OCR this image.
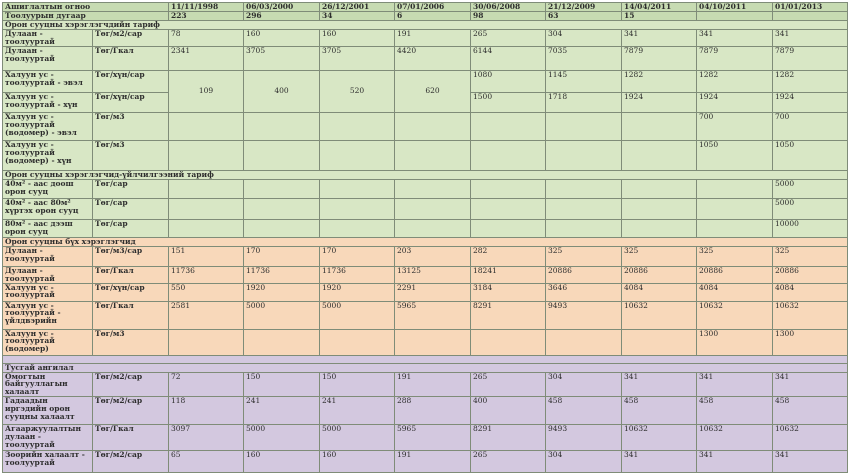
Ашиглалтын огноо		11/11/1998	06/03/2000	26/12/2001	07/01/2006	30/06/2008	21/12/2009	14/04/2011	04/10/2011	01/01/2013
Тоолуурын дугаар		223	296	34	6	98	63	15		
Орон сууцны хэрэглэгчдийн тариф										
Дулаан - тоолууртай	Төг/м2/сар	78	160	160	191	265	304	341	341	341
Дулаан - тоолууртай	Төг/Гкал	2341	3705	3705	4420	6144	7035	7879	7879	7879
Халуун ус - тоолууртай - эвэл	Төг/хүн/сар	109	400	520	620	1080	1145	1282	1282	1282
Халуун ус - тоолууртай - хүн	Төг/хүн/сар					1500	1718	1924	1924	1924
Халуун ус - тоолууртай (водомер) - эвэл	Төг/м3								700	700
Халуун ус - тоолууртай (водомер) - хүн	Төг/м3								1050	1050
Орон сууцны хэрэглэгчид-үйлчилгээний тариф										
40м² - аас доош орон сууц	Төг/сар									5000
40м² - аас 80м² хүртэх орон сууц	Төг/сар									5000
80м² - аас дээш орон сууц	Төг/сар									10000
Орон сууцны бүх хэрэглэгчид										
Дулаан - тоолууртай	Төг/м3/сар	151	170	170	203	282	325	325	325	325
Дулаан - тоолууртай	Төг/Гкал	11736	11736	11736	13125	18241	20886	20886	20886	20886
Халуун ус - тоолууртай	Төг/хүн/сар	550	1920	1920	2291	3184	3646	4084	4084	4084
Халуун ус - тоолууртай - үйлдвэрийн	Төг/Гкал	2581	5000	5000	5965	8291	9493	10632	10632	10632
Халуун ус - тоолууртай (водомер)	Төг/м3								1300	1300

Тусгай ангилал										
Омогтын байгууллагын халаалт	Төг/м2/сар	72	150	150	191	265	304	341	341	341
Гадаадын иргэдийн орон сууцны халаалт	Төг/м2/сар	118	241	241	288	400	458	458	458	458
Агааржуулалтын дулаан - тоолууртай	Төг/Гкал	3097	5000	5000	5965	8291	9493	10632	10632	10632
Зоорийн халаалт - тоолууртай	Төг/м2/сар	65	160	160	191	265	304	341	341	341
